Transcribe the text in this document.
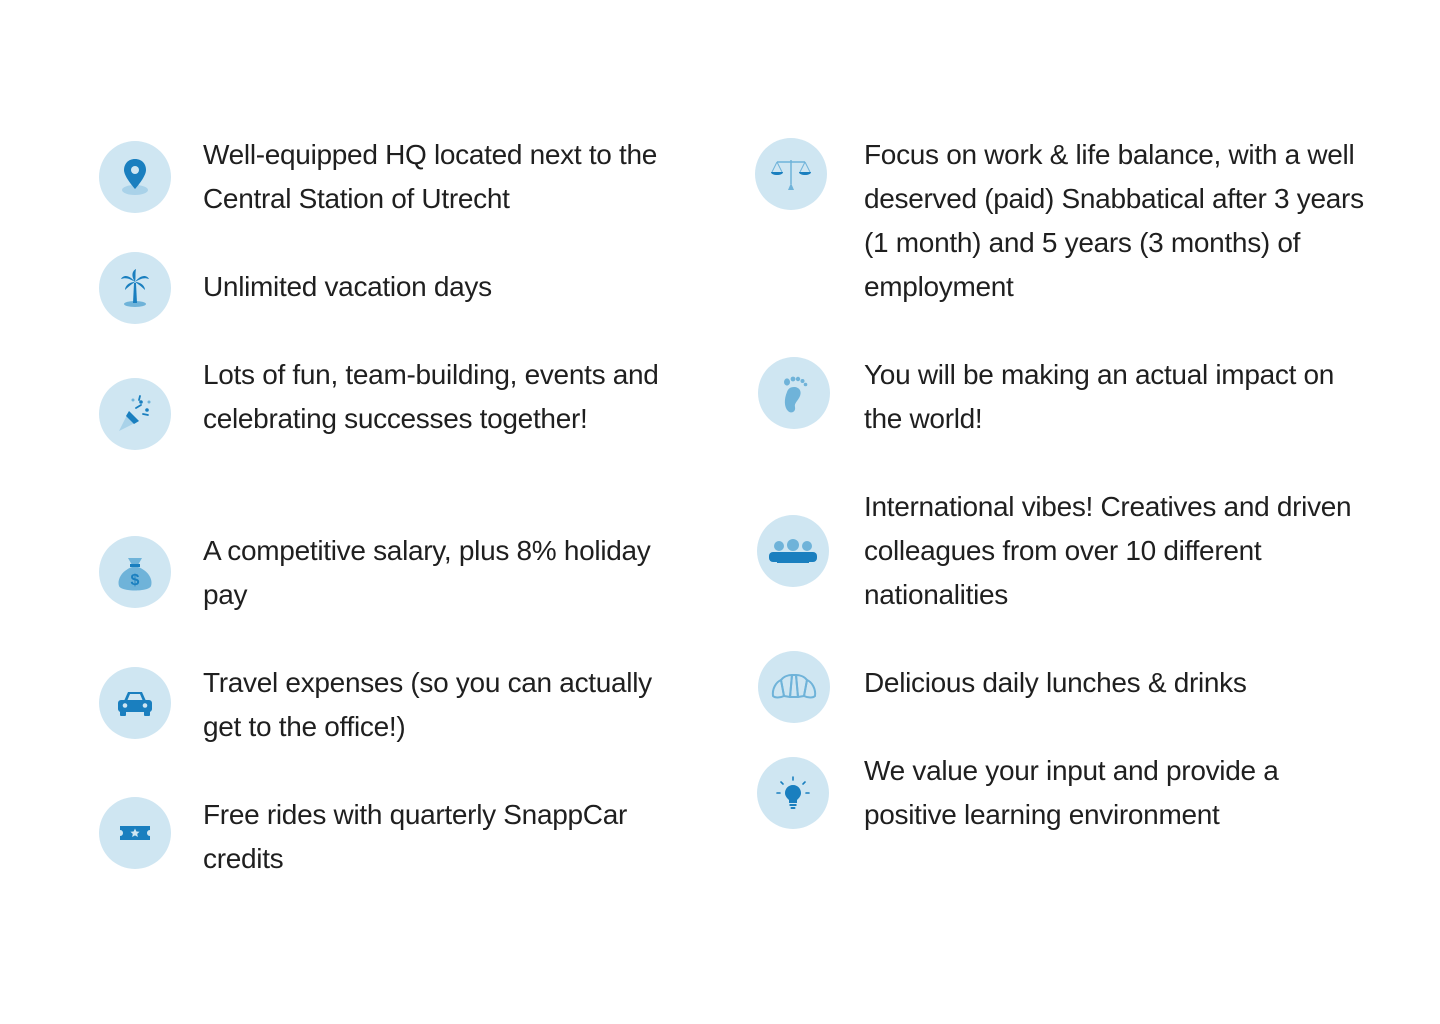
Well-equipped HQ located next to the Central Station of Utrecht

Unlimited vacation days

Lots of fun, team-building, events and celebrating successes together!

$

A competitive salary, plus 8% holiday pay

Travel expenses (so you can actually get to the office!)

Free rides with quarterly SnappCar credits

Focus on work & life balance, with a well deserved (paid) Snabbatical after 3 years (1 month) and 5 years (3 months) of employment

You will be making an actual impact on the world!

International vibes! Creatives and driven colleagues from over 10 different nationalities

Delicious daily lunches & drinks

We value your input and provide a positive learning environment
